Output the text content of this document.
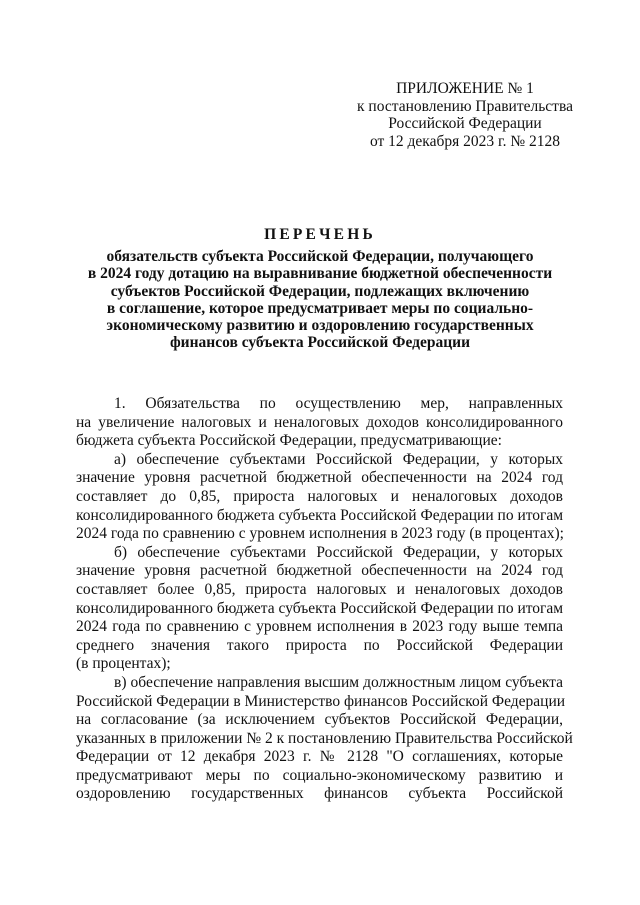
ПРИЛОЖЕНИЕ № 1
к постановлению Правительства
Российской Федерации
от 12 декабря 2023 г. № 2128
ПЕРЕЧЕНЬ
обязательств субъекта Российской Федерации, получающего
в 2024 году дотацию на выравнивание бюджетной обеспеченности
субъектов Российской Федерации, подлежащих включению
в соглашение, которое предусматривает меры по социально-
экономическому развитию и оздоровлению государственных
финансов субъекта Российской Федерации
1. Обязательства по осуществлению мер, направленных
на увеличение налоговых и неналоговых доходов консолидированного
бюджета субъекта Российской Федерации, предусматривающие:
а) обеспечение субъектами Российской Федерации, у которых
значение уровня расчетной бюджетной обеспеченности на 2024 год
составляет до 0,85, прироста налоговых и неналоговых доходов
консолидированного бюджета субъекта Российской Федерации по итогам
2024 года по сравнению с уровнем исполнения в 2023 году (в процентах);
б) обеспечение субъектами Российской Федерации, у которых
значение уровня расчетной бюджетной обеспеченности на 2024 год
составляет более 0,85, прироста налоговых и неналоговых доходов
консолидированного бюджета субъекта Российской Федерации по итогам
2024 года по сравнению с уровнем исполнения в 2023 году выше темпа
среднего значения такого прироста по Российской Федерации
(в процентах);
в) обеспечение направления высшим должностным лицом субъекта
Российской Федерации в Министерство финансов Российской Федерации
на согласование (за исключением субъектов Российской Федерации,
указанных в приложении № 2 к постановлению Правительства Российской
Федерации от 12 декабря 2023 г. № 2128 "О соглашениях, которые
предусматривают меры по социально-экономическому развитию и
оздоровлению государственных финансов субъекта Российской
